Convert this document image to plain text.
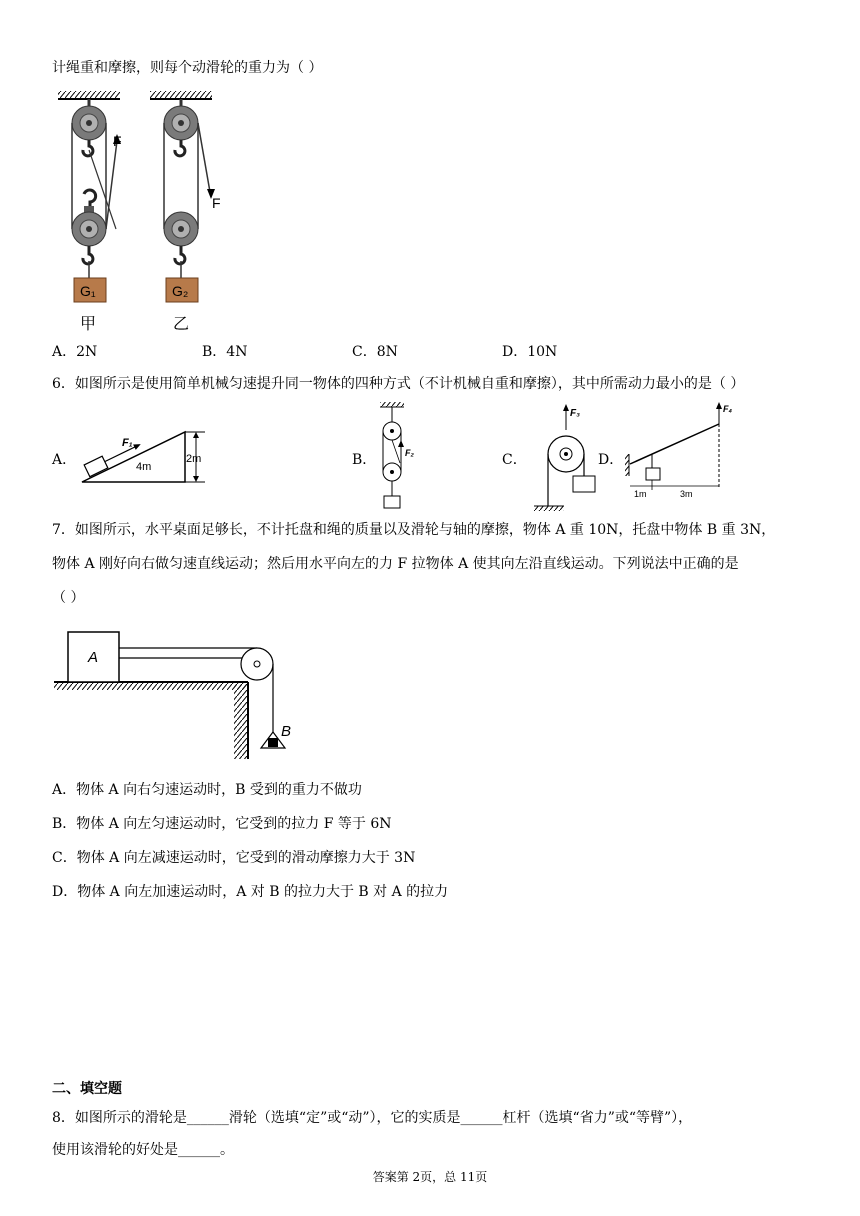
计绳重和摩擦，则每个动滑轮的重力为（ ）
F
G₁
甲
F
G₂
乙
A．2N	B．4N	C．8N	D．10N
6．如图所示是使用简单机械匀速提升同一物体的四种方式（不计机械自重和摩擦），其中所需动力最小的是（ ）
A．	2m
F₁
4m	B．	F₂	C．
F₃
D．
F₄
1m	3m
7．如图所示，水平桌面足够长，不计托盘和绳的质量以及滑轮与轴的摩擦，物体 A 重 10N，托盘中物体 B 重 3N，
物体 A 刚好向右做匀速直线运动；然后用水平向左的力 F 拉物体 A 使其向左沿直线运动。下列说法中正确的是
（ ）
A
B
A．物体 A 向右匀速运动时，B 受到的重力不做功
B．物体 A 向左匀速运动时，它受到的拉力 F 等于 6N
C．物体 A 向左减速运动时，它受到的滑动摩擦力大于 3N
D．物体 A 向左加速运动时，A 对 B 的拉力大于 B 对 A 的拉力
二、填空题
8．如图所示的滑轮是______滑轮（选填“定”或“动”），它的实质是______杠杆（选填“省力”或“等臂”），
使用该滑轮的好处是______。
答案第 2页，总 11页
